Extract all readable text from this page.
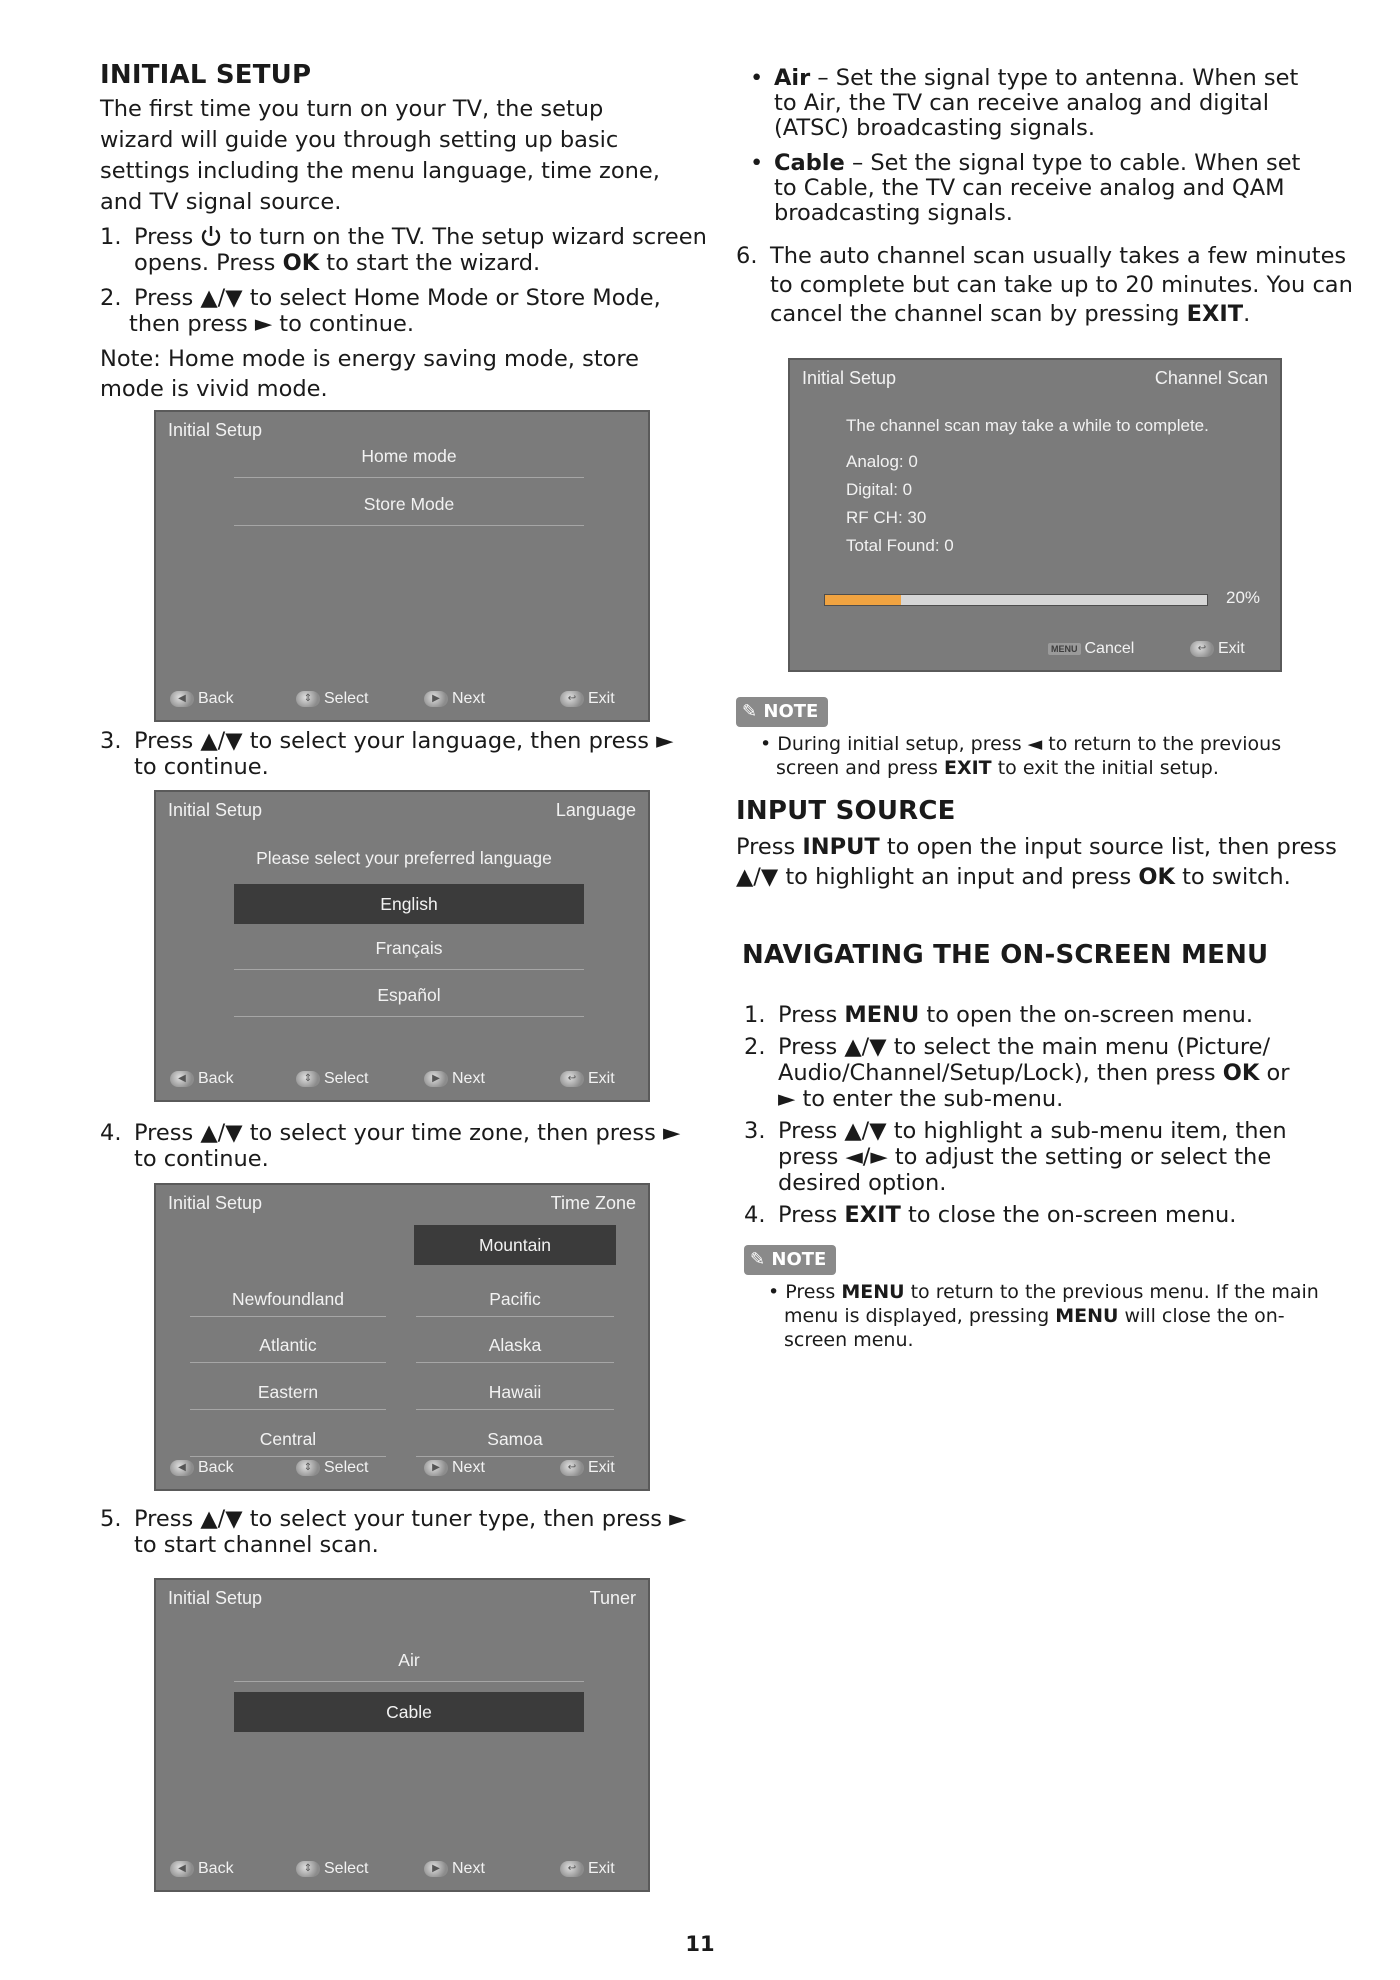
INITIAL SETUP
The first time you turn on your TV, the setup wizard will guide you through setting up basic settings including the menu language, time zone, and TV signal source.
1. Press to turn on the TV. The setup wizard screen
opens. Press OK to start the wizard.
2. Press ▲/▼ to select Home Mode or Store Mode,
then press ► to continue.
Note: Home mode is energy saving mode, store mode is vivid mode.
Initial Setup
Home mode
Store Mode
◀ Back	⇕ Select	▶ Next	↩ Exit
3. Press ▲/▼ to select your language, then press ►
to continue.
Initial Setup	Language
Please select your preferred language
English
Français
Español
◀ Back	⇕ Select	▶ Next	↩ Exit
4. Press ▲/▼ to select your time zone, then press ►
to continue.
Initial Setup	Time Zone
Newfoundland
Atlantic
Eastern
Central
Mountain
Pacific
Alaska
Hawaii
Samoa
◀ Back	⇕ Select	▶ Next	↩ Exit
5. Press ▲/▼ to select your tuner type, then press ►
to start channel scan.
Initial Setup	Tuner
Air
Cable
◀ Back	⇕ Select	▶ Next	↩ Exit
• Air – Set the signal type to antenna. When set to Air, the TV can receive analog and digital (ATSC) broadcasting signals.
• Cable – Set the signal type to cable. When set to Cable, the TV can receive analog and QAM broadcasting signals.
6. The auto channel scan usually takes a few minutes
to complete but can take up to 20 minutes. You can
cancel the channel scan by pressing EXIT.
Initial Setup	Channel Scan
The channel scan may take a while to complete.
Analog: 0
Digital: 0
RF CH: 30
Total Found: 0
20%
MENU Cancel	↩ Exit
✎ NOTE
• During initial setup, press ◄ to return to the previous
screen and press EXIT to exit the initial setup.
INPUT SOURCE
Press INPUT to open the input source list, then press
▲/▼ to highlight an input and press OK to switch.
NAVIGATING THE ON-SCREEN MENU
1. Press MENU to open the on-screen menu.
2. Press ▲/▼ to select the main menu (Picture/
Audio/Channel/Setup/Lock), then press OK or
► to enter the sub-menu.
3. Press ▲/▼ to highlight a sub-menu item, then
press ◄/► to adjust the setting or select the
desired option.
4. Press EXIT to close the on-screen menu.
✎ NOTE
• Press MENU to return to the previous menu. If the main
menu is displayed, pressing MENU will close the on-
screen menu.
11
